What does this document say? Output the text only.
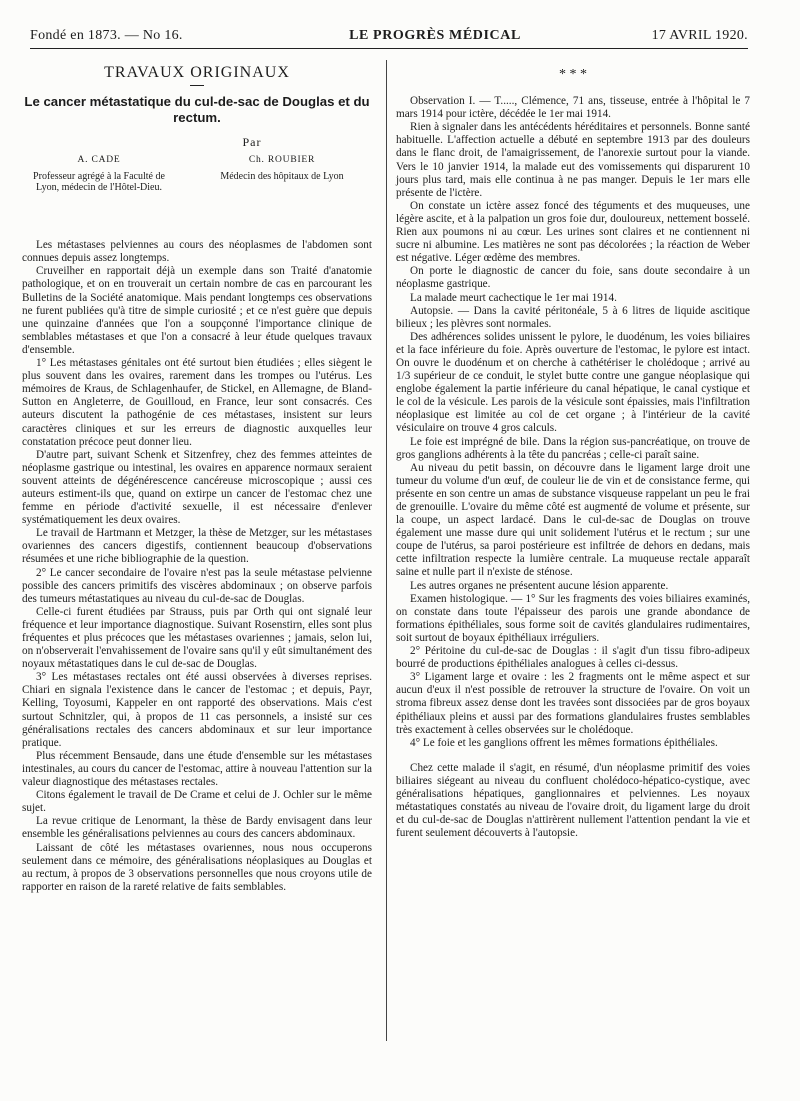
Fondé en 1873. — No 16.	LE PROGRÈS MÉDICAL	17 AVRIL 1920.
TRAVAUX ORIGINAUX
Le cancer métastatique du cul-de-sac de Douglas et du rectum.
Par
A. CADE
Professeur agrégé à la Faculté de Lyon, médecin de l'Hôtel-Dieu.
Ch. ROUBIER
Médecin des hôpitaux de Lyon

Les métastases pelviennes au cours des néoplasmes de l'abdomen sont connues depuis assez longtemps.

Cruveilher en rapportait déjà un exemple dans son Traité d'anatomie pathologique, et on en trouverait un certain nombre de cas en parcourant les Bulletins de la Société anatomique. Mais pendant longtemps ces observations ne furent publiées qu'à titre de simple curiosité ; et ce n'est guère que depuis une quinzaine d'années que l'on a soupçonné l'importance clinique de semblables métastases et que l'on a consacré à leur étude quelques travaux d'ensemble.

1° Les métastases génitales ont été surtout bien étudiées ; elles siègent le plus souvent dans les ovaires, rarement dans les trompes ou l'utérus. Les mémoires de Kraus, de Schlagenhaufer, de Stickel, en Allemagne, de Bland-Sutton en Angleterre, de Gouilloud, en France, leur sont consacrés. Ces auteurs discutent la pathogénie de ces métastases, insistent sur leurs caractères cliniques et sur les erreurs de diagnostic auxquelles leur constatation précoce peut donner lieu.

D'autre part, suivant Schenk et Sitzenfrey, chez des femmes atteintes de néoplasme gastrique ou intestinal, les ovaires en apparence normaux seraient souvent atteints de dégénérescence cancéreuse microscopique ; aussi ces auteurs estiment-ils que, quand on extirpe un cancer de l'estomac chez une femme en période d'activité sexuelle, il est nécessaire d'enlever systématiquement les deux ovaires.

Le travail de Hartmann et Metzger, la thèse de Metzger, sur les métastases ovariennes des cancers digestifs, contiennent beaucoup d'observations résumées et une riche bibliographie de la question.

2° Le cancer secondaire de l'ovaire n'est pas la seule métastase pelvienne possible des cancers primitifs des viscères abdominaux ; on observe parfois des tumeurs métastatiques au niveau du cul-de-sac de Douglas.

Celle-ci furent étudiées par Strauss, puis par Orth qui ont signalé leur fréquence et leur importance diagnostique. Suivant Rosenstirn, elles sont plus fréquentes et plus précoces que les métastases ovariennes ; jamais, selon lui, on n'observerait l'envahissement de l'ovaire sans qu'il y eût simultanément des noyaux métastatiques dans le cul de-sac de Douglas.

3° Les métastases rectales ont été aussi observées à diverses reprises. Chiari en signala l'existence dans le cancer de l'estomac ; et depuis, Payr, Kelling, Toyosumi, Kappeler en ont rapporté des observations. Mais c'est surtout Schnitzler, qui, à propos de 11 cas personnels, a insisté sur ces généralisations rectales des cancers abdominaux et sur leur importance pratique.

Plus récemment Bensaude, dans une étude d'ensemble sur les métastases intestinales, au cours du cancer de l'estomac, attire à nouveau l'attention sur la valeur diagnostique des métastases rectales.

Citons également le travail de De Crame et celui de J. Ochler sur le même sujet.

La revue critique de Lenormant, la thèse de Bardy envisagent dans leur ensemble les généralisations pelviennes au cours des cancers abdominaux.

Laissant de côté les métastases ovariennes, nous nous occuperons seulement dans ce mémoire, des généralisations néoplasiques au Douglas et au rectum, à propos de 3 observations personnelles que nous croyons utile de rapporter en raison de la rareté relative de faits semblables.

* * *

Observation I. — T....., Clémence, 71 ans, tisseuse, entrée à l'hôpital le 7 mars 1914 pour ictère, décédée le 1er mai 1914.

Rien à signaler dans les antécédents héréditaires et personnels. Bonne santé habituelle. L'affection actuelle a débuté en septembre 1913 par des douleurs dans le flanc droit, de l'amaigrissement, de l'anorexie surtout pour la viande. Vers le 10 janvier 1914, la malade eut des vomissements qui disparurent 10 jours plus tard, mais elle continua à ne pas manger. Depuis le 1er mars elle présente de l'ictère.

On constate un ictère assez foncé des téguments et des muqueuses, une légère ascite, et à la palpation un gros foie dur, douloureux, nettement bosselé. Rien aux poumons ni au cœur. Les urines sont claires et ne contiennent ni sucre ni albumine. Les matières ne sont pas décolorées ; la réaction de Weber est négative. Léger œdème des membres.

On porte le diagnostic de cancer du foie, sans doute secondaire à un néoplasme gastrique.

La malade meurt cachectique le 1er mai 1914.

Autopsie. — Dans la cavité péritonéale, 5 à 6 litres de liquide ascitique bilieux ; les plèvres sont normales.

Des adhérences solides unissent le pylore, le duodénum, les voies biliaires et la face inférieure du foie. Après ouverture de l'estomac, le pylore est intact. On ouvre le duodénum et on cherche à cathétériser le cholédoque ; arrivé au 1/3 supérieur de ce conduit, le stylet butte contre une gangue néoplasique qui englobe également la partie inférieure du canal hépatique, le canal cystique et le col de la vésicule. Les parois de la vésicule sont épaissies, mais l'infiltration néoplasique est limitée au col de cet organe ; à l'intérieur de la cavité vésiculaire on trouve 4 gros calculs.

Le foie est imprégné de bile. Dans la région sus-pancréatique, on trouve de gros ganglions adhérents à la tête du pancréas ; celle-ci paraît saine.

Au niveau du petit bassin, on découvre dans le ligament large droit une tumeur du volume d'un œuf, de couleur lie de vin et de consistance ferme, qui présente en son centre un amas de substance visqueuse rappelant un peu le frai de grenouille. L'ovaire du même côté est augmenté de volume et présente, sur la coupe, un aspect lardacé. Dans le cul-de-sac de Douglas on trouve également une masse dure qui unit solidement l'utérus et le rectum ; sur une coupe de l'utérus, sa paroi postérieure est infiltrée de dehors en dedans, mais cette infiltration respecte la lumière centrale. La muqueuse rectale apparaît saine et nulle part il n'existe de sténose.

Les autres organes ne présentent aucune lésion apparente.

Examen histologique. — 1° Sur les fragments des voies biliaires examinés, on constate dans toute l'épaisseur des parois une grande abondance de formations épithéliales, sous forme soit de cavités glandulaires rudimentaires, soit surtout de boyaux épithéliaux irréguliers.

2° Péritoine du cul-de-sac de Douglas : il s'agit d'un tissu fibro-adipeux bourré de productions épithéliales analogues à celles ci-dessus.

3° Ligament large et ovaire : les 2 fragments ont le même aspect et sur aucun d'eux il n'est possible de retrouver la structure de l'ovaire. On voit un stroma fibreux assez dense dont les travées sont dissociées par de gros boyaux épithéliaux pleins et aussi par des formations glandulaires frustes semblables très exactement à celles observées sur le cholédoque.

4° Le foie et les ganglions offrent les mêmes formations épithéliales.

Chez cette malade il s'agit, en résumé, d'un néoplasme primitif des voies biliaires siégeant au niveau du confluent cholédoco-hépatico-cystique, avec généralisations hépatiques, ganglionnaires et pelviennes. Les noyaux métastatiques constatés au niveau de l'ovaire droit, du ligament large du droit et du cul-de-sac de Douglas n'attirèrent nullement l'attention pendant la vie et furent seulement découverts à l'autopsie.
